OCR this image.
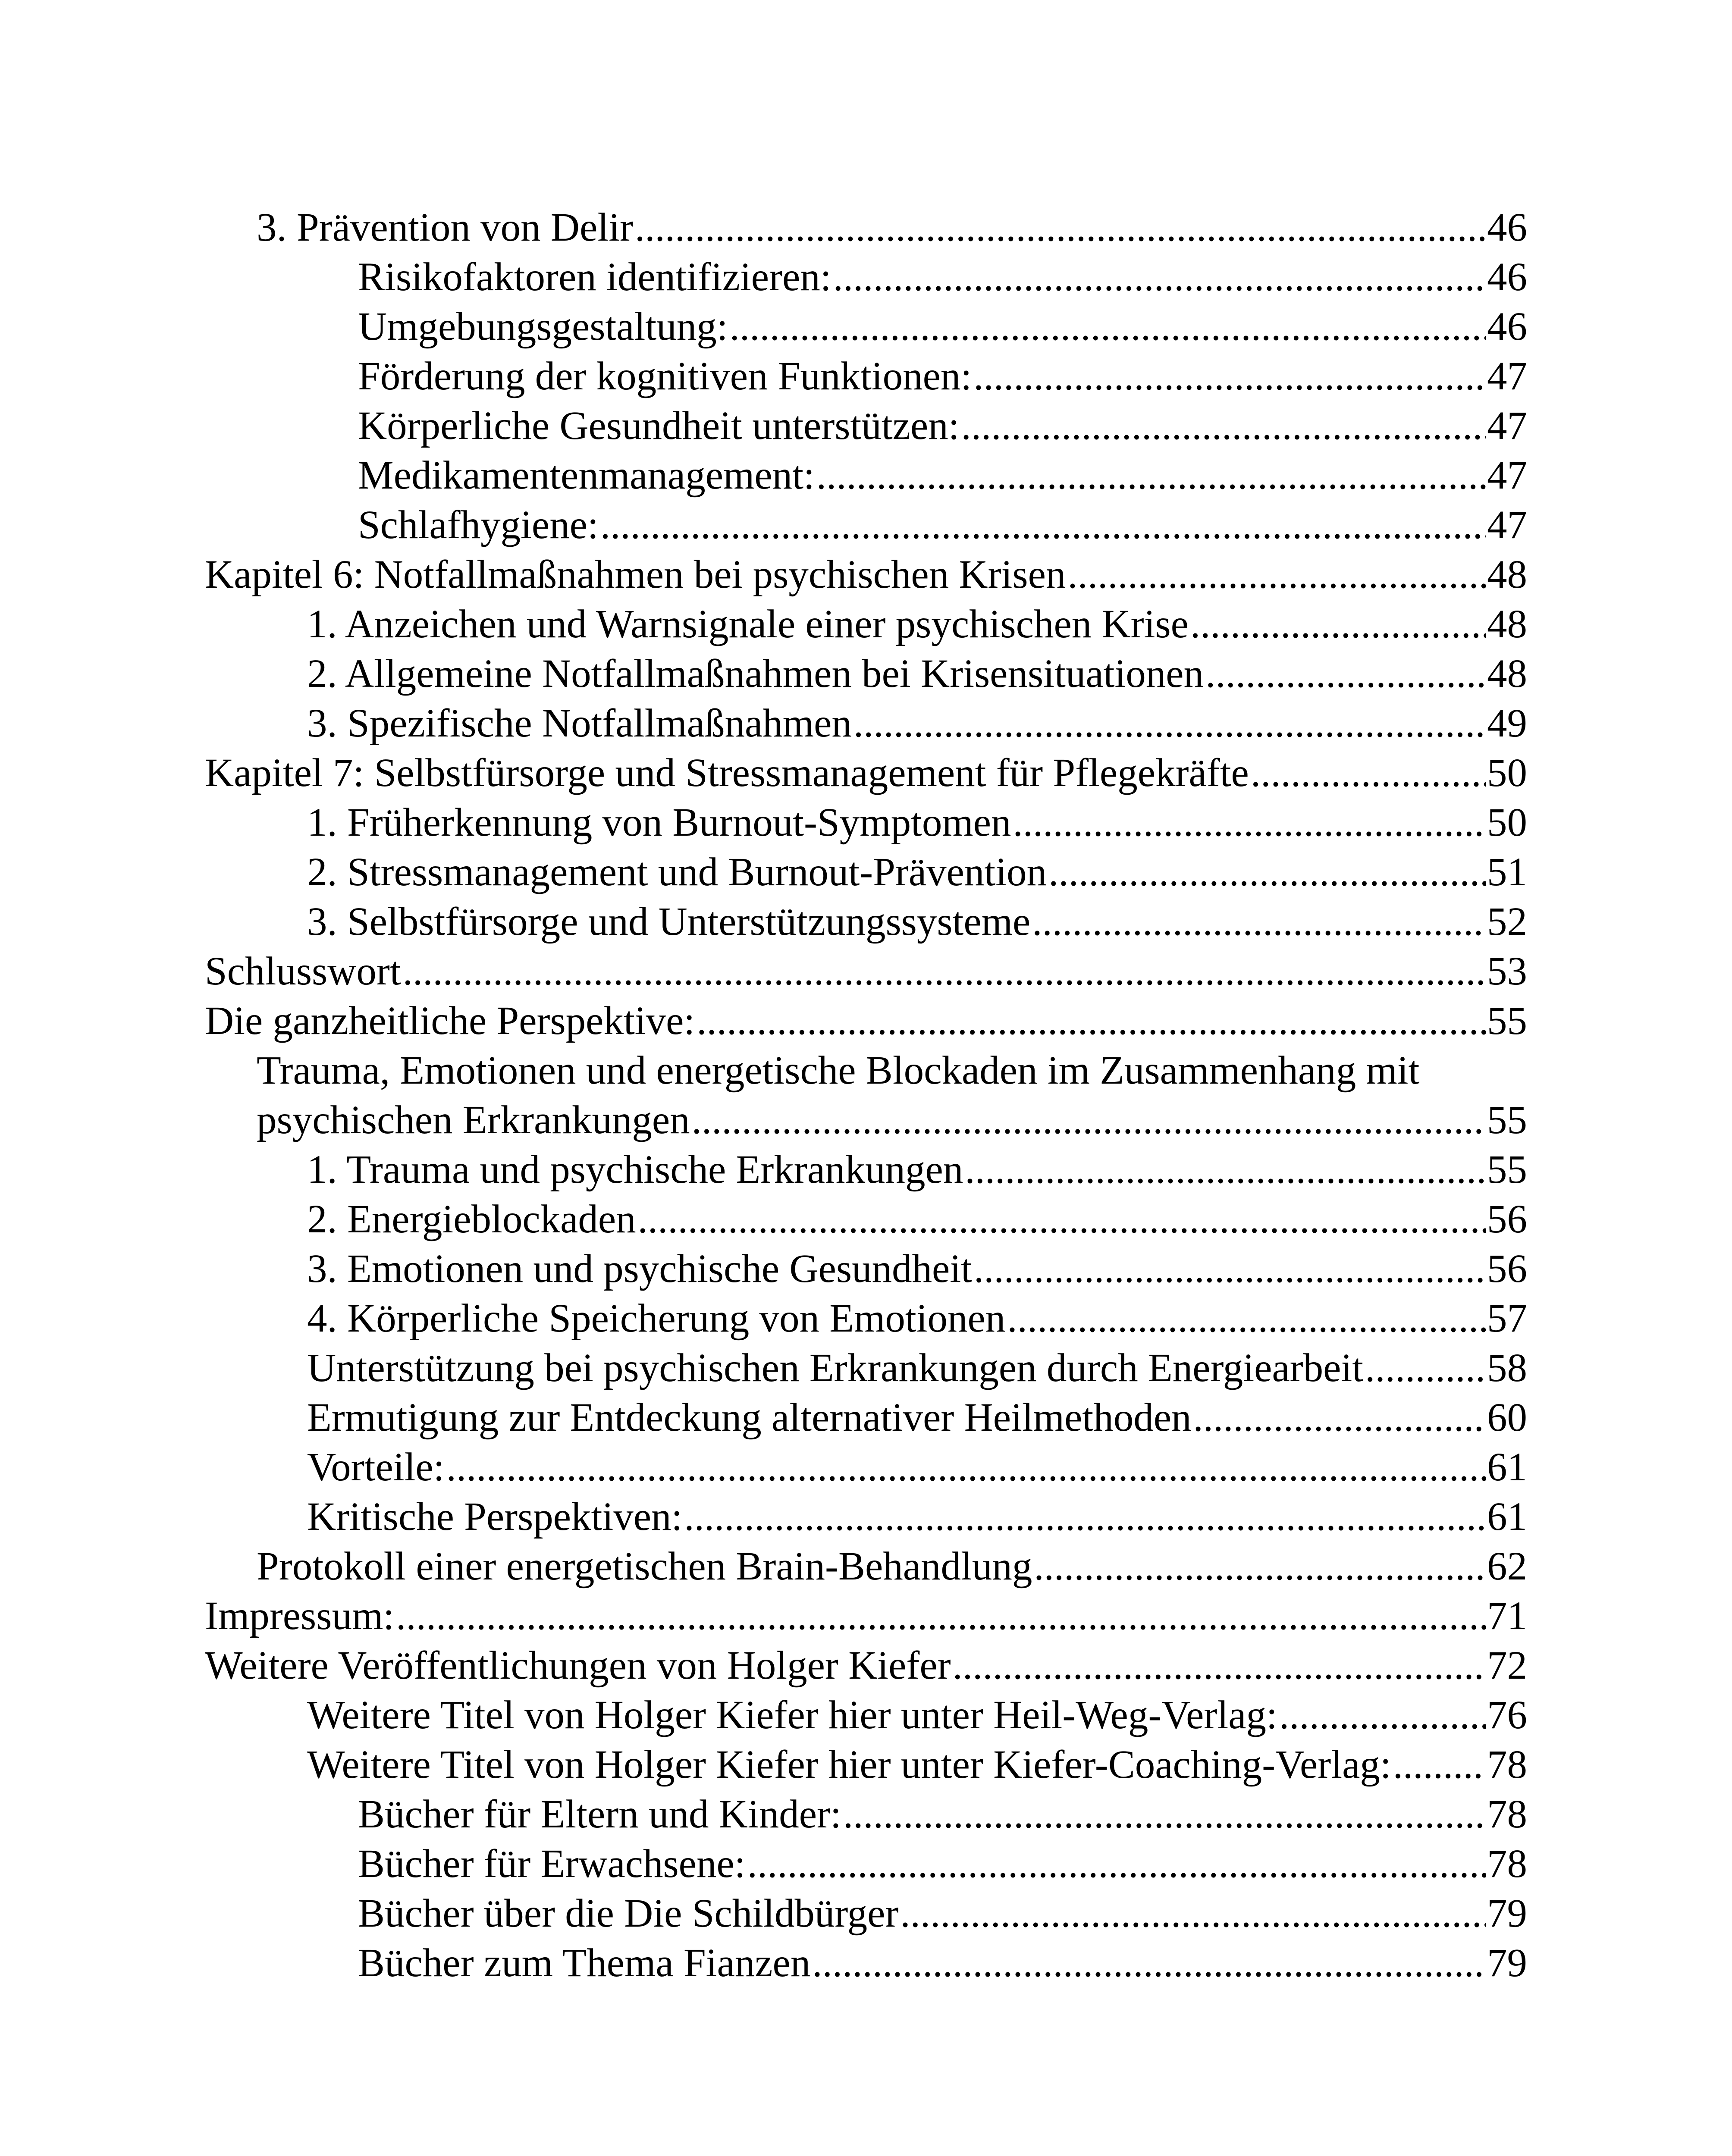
3. Prävention von Delir .....	46
Risikofaktoren identifizieren: .....	46
Umgebungsgestaltung: .....	46
Förderung der kognitiven Funktionen: .....	47
Körperliche Gesundheit unterstützen: .....	47
Medikamentenmanagement: .....	47
Schlafhygiene: .....	47
Kapitel 6: Notfallmaßnahmen bei psychischen Krisen .....	48
1. Anzeichen und Warnsignale einer psychischen Krise .....	48
2. Allgemeine Notfallmaßnahmen bei Krisensituationen .....	48
3. Spezifische Notfallmaßnahmen .....	49
Kapitel 7: Selbstfürsorge und Stressmanagement für Pflegekräfte .....	50
1. Früherkennung von Burnout-Symptomen .....	50
2. Stressmanagement und Burnout-Prävention .....	51
3. Selbstfürsorge und Unterstützungssysteme .....	52
Schlusswort .....	53
Die ganzheitliche Perspektive: .....	55
Trauma, Emotionen und energetische Blockaden im Zusammenhang mit
psychischen Erkrankungen .....	55
1. Trauma und psychische Erkrankungen .....	55
2. Energieblockaden .....	56
3. Emotionen und psychische Gesundheit .....	56
4. Körperliche Speicherung von Emotionen .....	57
Unterstützung bei psychischen Erkrankungen durch Energiearbeit .....	58
Ermutigung zur Entdeckung alternativer Heilmethoden .....	60
Vorteile: .....	61
Kritische Perspektiven: .....	61
Protokoll einer energetischen Brain-Behandlung .....	62
Impressum: .....	71
Weitere Veröffentlichungen von Holger Kiefer .....	72
Weitere Titel von Holger Kiefer hier unter Heil-Weg-Verlag: .....	76
Weitere Titel von Holger Kiefer hier unter Kiefer-Coaching-Verlag: ..... 78
Bücher für Eltern und Kinder: .....	78
Bücher für Erwachsene: .....	78
Bücher über die Die Schildbürger .....	79
Bücher zum Thema Fianzen .....	79
